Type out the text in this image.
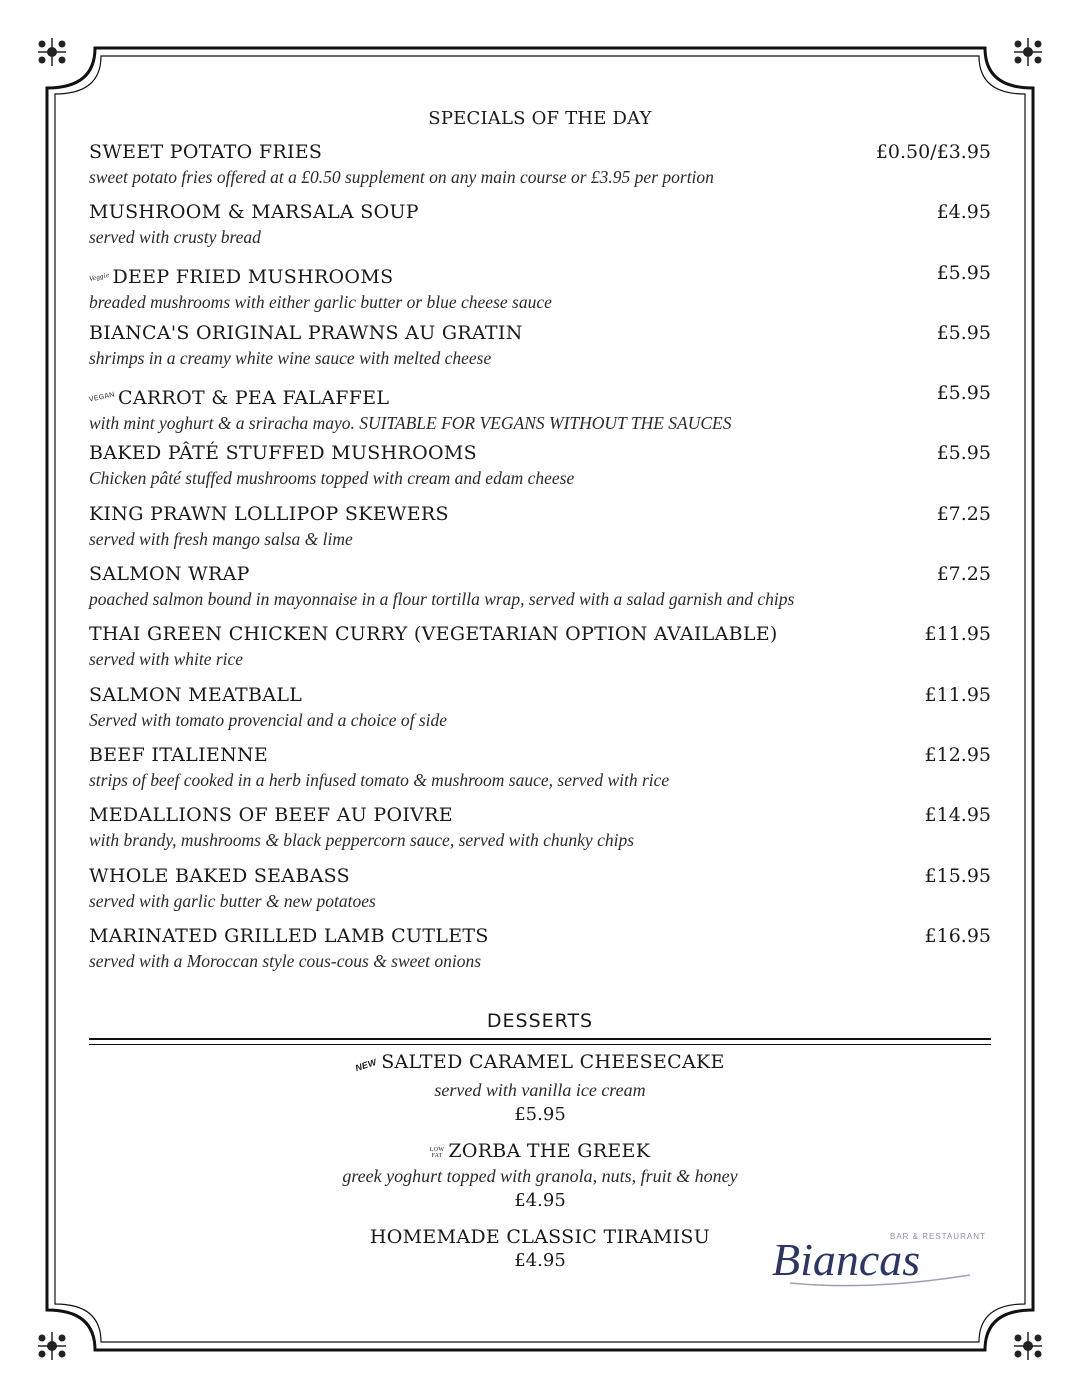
SPECIALS OF THE DAY
SWEET POTATO FRIES	£0.50/£3.95
sweet potato fries offered at a £0.50 supplement on any main course or £3.95 per portion
MUSHROOM & MARSALA SOUP	£4.95
served with crusty bread
Veggie DEEP FRIED MUSHROOMS	£5.95
breaded mushrooms with either garlic butter or blue cheese sauce
BIANCA'S ORIGINAL PRAWNS AU GRATIN	£5.95
shrimps in a creamy white wine sauce with melted cheese
VEGAN CARROT & PEA FALAFFEL	£5.95
with mint yoghurt & a sriracha mayo. SUITABLE FOR VEGANS WITHOUT THE SAUCES
BAKED PÂTÉ STUFFED MUSHROOMS	£5.95
Chicken pâté stuffed mushrooms topped with cream and edam cheese
KING PRAWN LOLLIPOP SKEWERS	£7.25
served with fresh mango salsa & lime
SALMON WRAP	£7.25
poached salmon bound in mayonnaise in a flour tortilla wrap, served with a salad garnish and chips
THAI GREEN CHICKEN CURRY (VEGETARIAN OPTION AVAILABLE)	£11.95
served with white rice
SALMON MEATBALL	£11.95
Served with tomato provencial and a choice of side
BEEF ITALIENNE	£12.95
strips of beef cooked in a herb infused tomato & mushroom sauce, served with rice
MEDALLIONS OF BEEF AU POIVRE	£14.95
with brandy, mushrooms & black peppercorn sauce, served with chunky chips
WHOLE BAKED SEABASS	£15.95
served with garlic butter & new potatoes
MARINATED GRILLED LAMB CUTLETS	£16.95
served with a Moroccan style cous-cous & sweet onions
DESSERTS
NEW SALTED CARAMEL CHEESECAKE
served with vanilla ice cream
£5.95
LOW
FAT ZORBA THE GREEK
greek yoghurt topped with granola, nuts, fruit & honey
£4.95
HOMEMADE CLASSIC TIRAMISU
£4.95
BAR & RESTAURANT
Biancas
